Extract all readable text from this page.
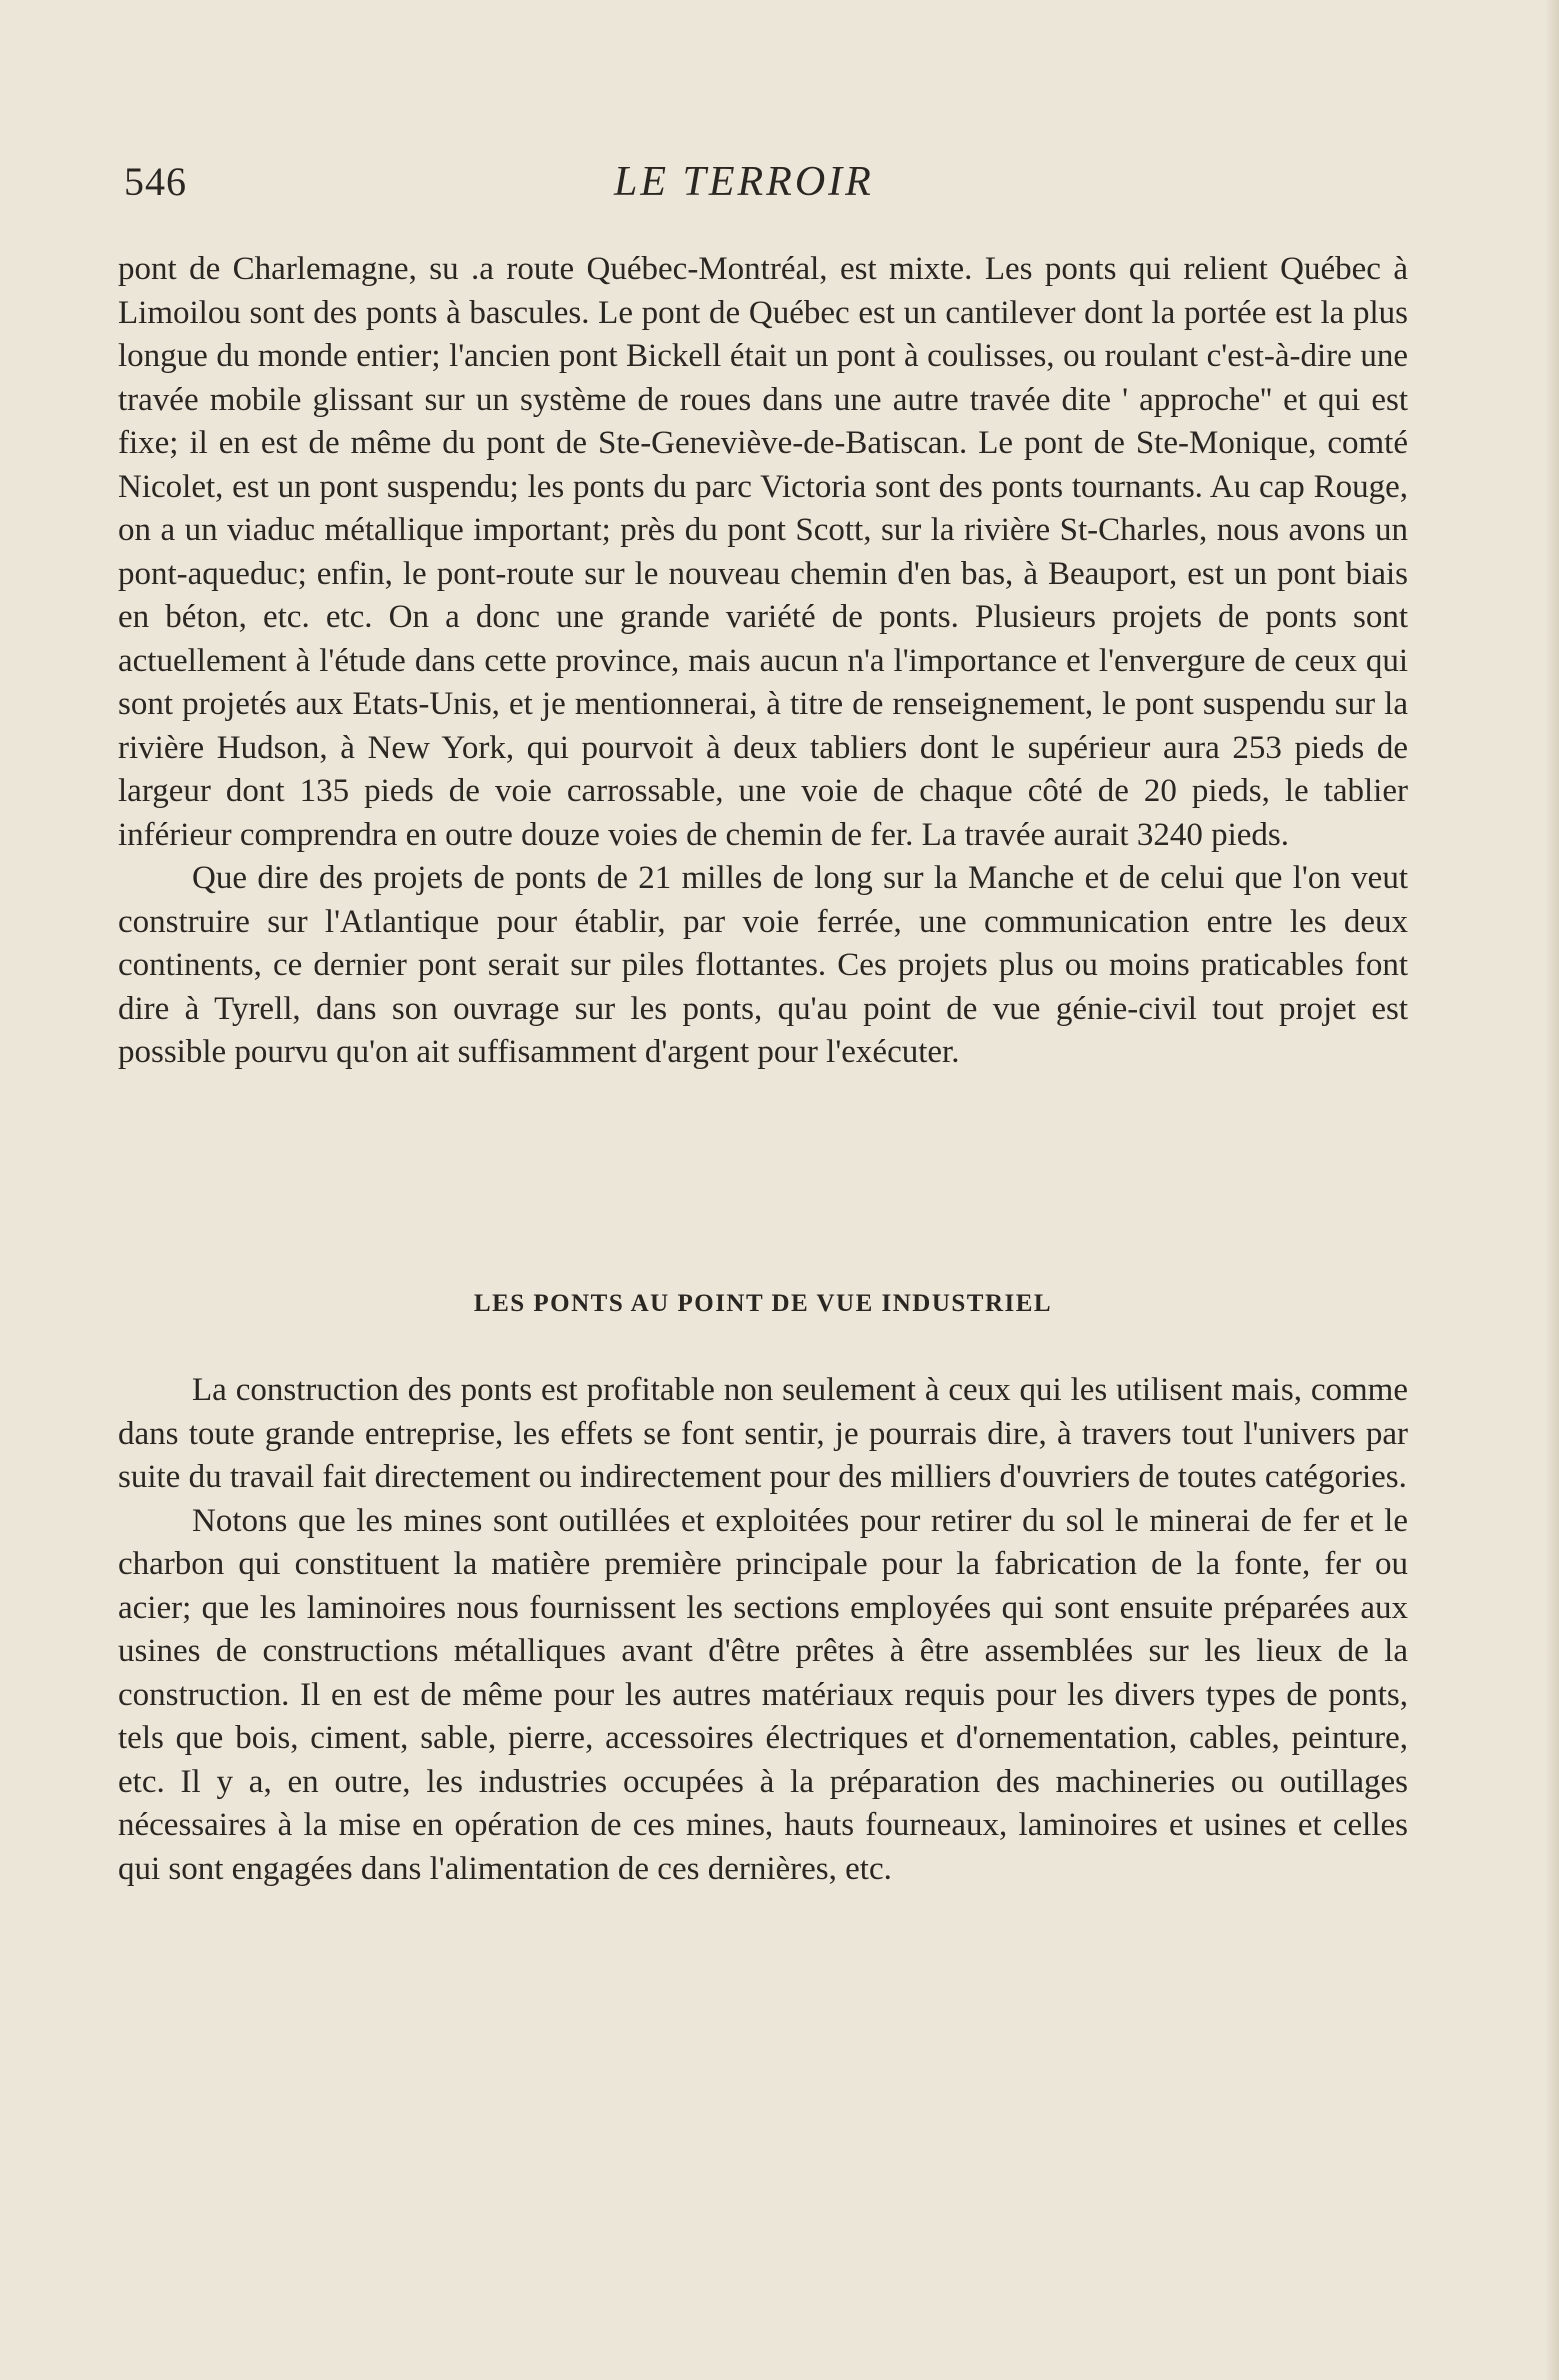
546	LE TERROIR

pont de Charlemagne, su .a route Québec-Montréal, est mixte. Les ponts qui relient Québec à Limoilou sont des ponts à bascules. Le pont de Québec est un cantilever dont la portée est la plus longue du monde entier; l'ancien pont Bickell était un pont à coulisses, ou roulant c'est-à-dire une travée mobile glissant sur un système de roues dans une autre travée dite ' approche'' et qui est fixe; il en est de même du pont de Ste-Geneviève-de-Batiscan. Le pont de Ste-Monique, comté Nicolet, est un pont suspendu; les ponts du parc Victoria sont des ponts tournants. Au cap Rouge, on a un viaduc métallique important; près du pont Scott, sur la rivière St-Charles, nous avons un pont-aqueduc; enfin, le pont-route sur le nouveau chemin d'en bas, à Beauport, est un pont biais en béton, etc. etc. On a donc une grande variété de ponts. Plusieurs projets de ponts sont actuellement à l'étude dans cette province, mais aucun n'a l'importance et l'envergure de ceux qui sont projetés aux Etats-Unis, et je mentionnerai, à titre de renseignement, le pont suspendu sur la rivière Hudson, à New York, qui pourvoit à deux tabliers dont le supérieur aura 253 pieds de largeur dont 135 pieds de voie carrossable, une voie de chaque côté de 20 pieds, le tablier inférieur comprendra en outre douze voies de chemin de fer. La travée aurait 3240 pieds.

Que dire des projets de ponts de 21 milles de long sur la Manche et de celui que l'on veut construire sur l'Atlantique pour établir, par voie ferrée, une communication entre les deux continents, ce dernier pont serait sur piles flottantes. Ces projets plus ou moins praticables font dire à Tyrell, dans son ouvrage sur les ponts, qu'au point de vue génie-civil tout projet est possible pourvu qu'on ait suffisamment d'argent pour l'exécuter.

LES PONTS AU POINT DE VUE INDUSTRIEL

La construction des ponts est profitable non seulement à ceux qui les utilisent mais, comme dans toute grande entreprise, les effets se font sentir, je pourrais dire, à travers tout l'univers par suite du travail fait directement ou indirectement pour des milliers d'ouvriers de toutes catégories.

Notons que les mines sont outillées et exploitées pour retirer du sol le minerai de fer et le charbon qui constituent la matière première principale pour la fabrication de la fonte, fer ou acier; que les laminoires nous fournissent les sections employées qui sont ensuite préparées aux usines de constructions métalliques avant d'être prêtes à être assemblées sur les lieux de la construction. Il en est de même pour les autres matériaux requis pour les divers types de ponts, tels que bois, ciment, sable, pierre, accessoires électriques et d'ornementation, cables, peinture, etc. Il y a, en outre, les industries occupées à la préparation des machineries ou outillages nécessaires à la mise en opération de ces mines, hauts fourneaux, laminoires et usines et celles qui sont engagées dans l'alimentation de ces dernières, etc.
